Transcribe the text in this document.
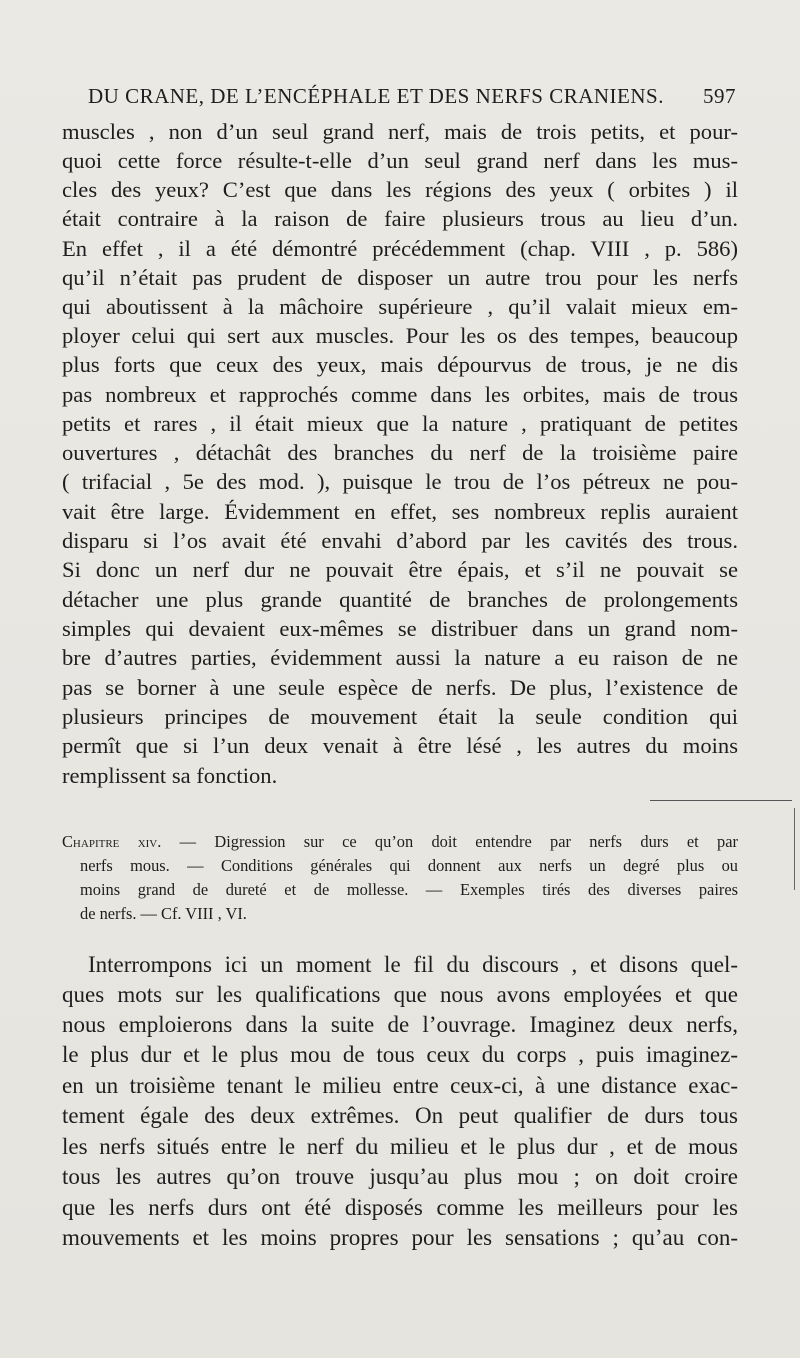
DU CRANE, DE L’ENCÉPHALE ET DES NERFS CRANIENS. 597
muscles , non d’un seul grand nerf, mais de trois petits, et pour-
quoi cette force résulte-t-elle d’un seul grand nerf dans les mus-
cles des yeux? C’est que dans les régions des yeux ( orbites ) il
était contraire à la raison de faire plusieurs trous au lieu d’un.
En effet , il a été démontré précédemment (chap. VIII , p. 586)
qu’il n’était pas prudent de disposer un autre trou pour les nerfs
qui aboutissent à la mâchoire supérieure , qu’il valait mieux em-
ployer celui qui sert aux muscles. Pour les os des tempes, beaucoup
plus forts que ceux des yeux, mais dépourvus de trous, je ne dis
pas nombreux et rapprochés comme dans les orbites, mais de trous
petits et rares , il était mieux que la nature , pratiquant de petites
ouvertures , détachât des branches du nerf de la troisième paire
( trifacial , 5e des mod. ), puisque le trou de l’os pétreux ne pou-
vait être large. Évidemment en effet, ses nombreux replis auraient
disparu si l’os avait été envahi d’abord par les cavités des trous.
Si donc un nerf dur ne pouvait être épais, et s’il ne pouvait se
détacher une plus grande quantité de branches de prolongements
simples qui devaient eux-mêmes se distribuer dans un grand nom-
bre d’autres parties, évidemment aussi la nature a eu raison de ne
pas se borner à une seule espèce de nerfs. De plus, l’existence de
plusieurs principes de mouvement était la seule condition qui
permît que si l’un deux venait à être lésé , les autres du moins
remplissent sa fonction.
Chapitre xiv. — Digression sur ce qu’on doit entendre par nerfs durs et par
nerfs mous. — Conditions générales qui donnent aux nerfs un degré plus ou
moins grand de dureté et de mollesse. — Exemples tirés des diverses paires
de nerfs. — Cf. VIII , VI.
Interrompons ici un moment le fil du discours , et disons quel-
ques mots sur les qualifications que nous avons employées et que
nous emploierons dans la suite de l’ouvrage. Imaginez deux nerfs,
le plus dur et le plus mou de tous ceux du corps , puis imaginez-
en un troisième tenant le milieu entre ceux-ci, à une distance exac-
tement égale des deux extrêmes. On peut qualifier de durs tous
les nerfs situés entre le nerf du milieu et le plus dur , et de mous
tous les autres qu’on trouve jusqu’au plus mou ; on doit croire
que les nerfs durs ont été disposés comme les meilleurs pour les
mouvements et les moins propres pour les sensations ; qu’au con-
